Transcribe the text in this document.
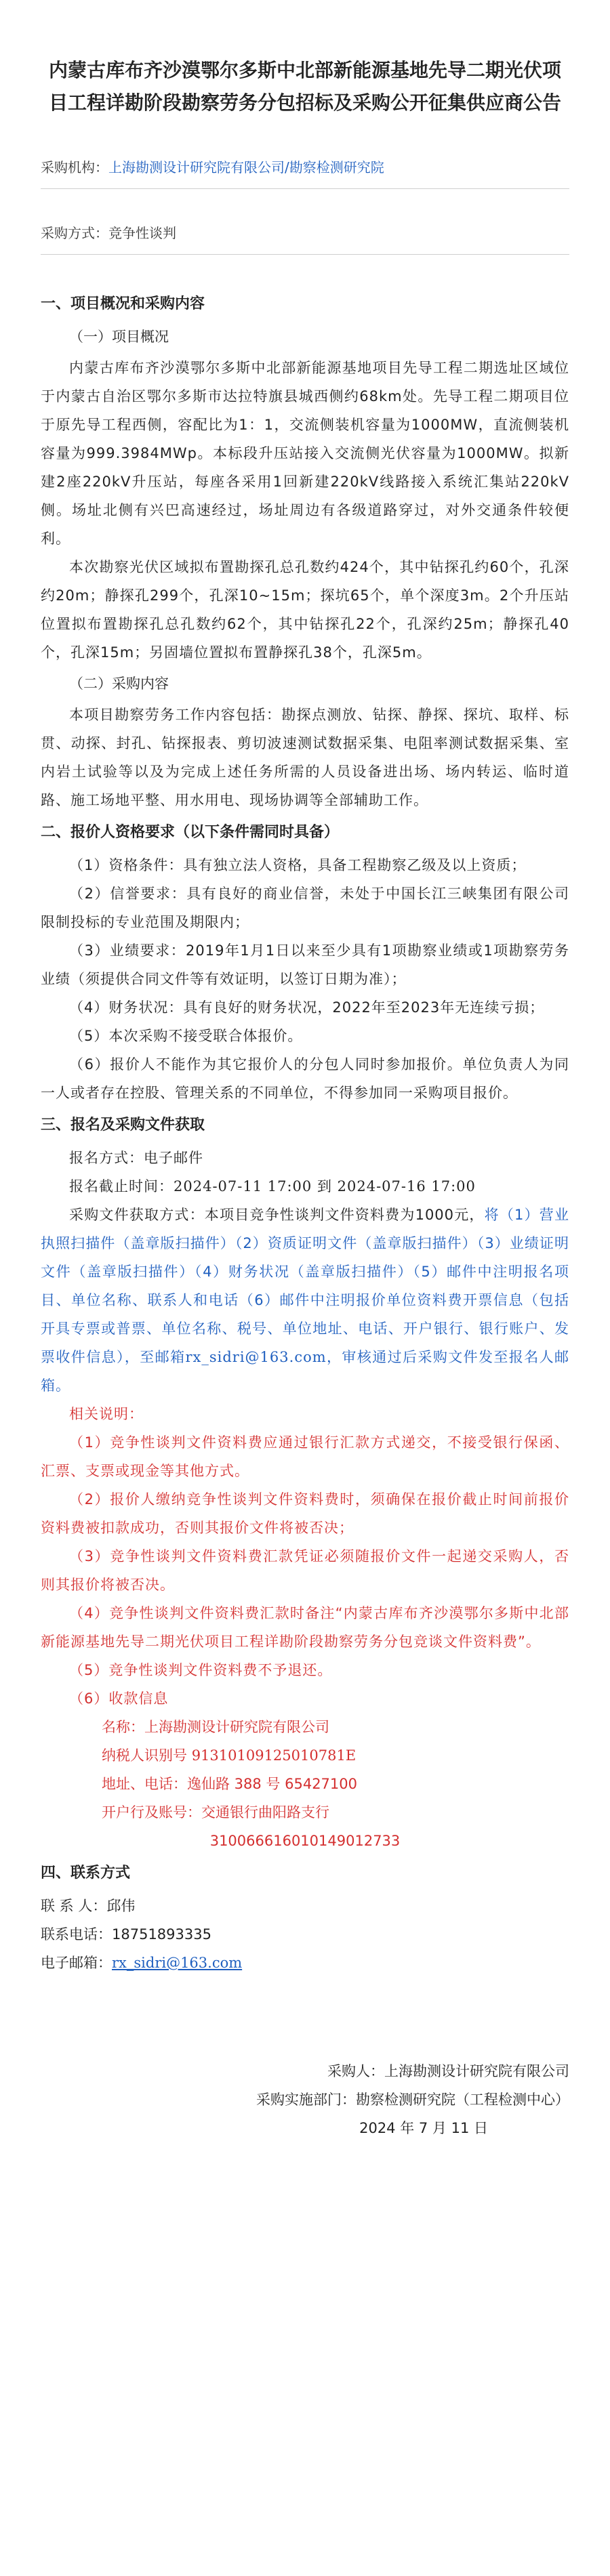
内蒙古库布齐沙漠鄂尔多斯中北部新能源基地先导二期光伏项目工程详勘阶段勘察劳务分包招标及采购公开征集供应商公告
采购机构：上海勘测设计研究院有限公司/勘察检测研究院
采购方式：竞争性谈判
一、项目概况和采购内容
（一）项目概况

内蒙古库布齐沙漠鄂尔多斯中北部新能源基地项目先导工程二期选址区域位于内蒙古自治区鄂尔多斯市达拉特旗县城西侧约68km处。先导工程二期项目位于原先导工程西侧，容配比为1：1，交流侧装机容量为1000MW，直流侧装机容量为999.3984MWp。本标段升压站接入交流侧光伏容量为1000MW。拟新建2座220kV升压站，每座各采用1回新建220kV线路接入系统汇集站220kV侧。场址北侧有兴巴高速经过，场址周边有各级道路穿过，对外交通条件较便利。

本次勘察光伏区域拟布置勘探孔总孔数约424个，其中钻探孔约60个，孔深约20m；静探孔299个，孔深10~15m；探坑65个，单个深度3m。2个升压站位置拟布置勘探孔总孔数约62个，其中钻探孔22个，孔深约25m；静探孔40个，孔深15m；另固墙位置拟布置静探孔38个，孔深5m。

（二）采购内容

本项目勘察劳务工作内容包括：勘探点测放、钻探、静探、探坑、取样、标贯、动探、封孔、钻探报表、剪切波速测试数据采集、电阻率测试数据采集、室内岩土试验等以及为完成上述任务所需的人员设备进出场、场内转运、临时道路、施工场地平整、用水用电、现场协调等全部辅助工作。

二、报价人资格要求（以下条件需同时具备）

（1）资格条件：具有独立法人资格，具备工程勘察乙级及以上资质；

（2）信誉要求：具有良好的商业信誉，未处于中国长江三峡集团有限公司限制投标的专业范围及期限内；

（3）业绩要求：2019年1月1日以来至少具有1项勘察业绩或1项勘察劳务业绩（须提供合同文件等有效证明，以签订日期为准）；

（4）财务状况：具有良好的财务状况，2022年至2023年无连续亏损；

（5）本次采购不接受联合体报价。

（6）报价人不能作为其它报价人的分包人同时参加报价。单位负责人为同一人或者存在控股、管理关系的不同单位，不得参加同一采购项目报价。

三、报名及采购文件获取

报名方式：电子邮件

报名截止时间：2024-07-11 17:00 到 2024-07-16 17:00

采购文件获取方式：本项目竞争性谈判文件资料费为1000元，将（1）营业执照扫描件（盖章版扫描件）（2）资质证明文件（盖章版扫描件）（3）业绩证明文件（盖章版扫描件）（4）财务状况（盖章版扫描件）（5）邮件中注明报名项目、单位名称、联系人和电话（6）邮件中注明报价单位资料费开票信息（包括开具专票或普票、单位名称、税号、单位地址、电话、开户银行、银行账户、发票收件信息），至邮箱rx_sidri@163.com，审核通过后采购文件发至报名人邮箱。

相关说明：

（1）竞争性谈判文件资料费应通过银行汇款方式递交，不接受银行保函、汇票、支票或现金等其他方式。

（2）报价人缴纳竞争性谈判文件资料费时，须确保在报价截止时间前报价资料费被扣款成功，否则其报价文件将被否决；

（3）竞争性谈判文件资料费汇款凭证必须随报价文件一起递交采购人，否则其报价将被否决。

（4）竞争性谈判文件资料费汇款时备注“内蒙古库布齐沙漠鄂尔多斯中北部新能源基地先导二期光伏项目工程详勘阶段勘察劳务分包竞谈文件资料费”。

（5）竞争性谈判文件资料费不予退还。

（6）收款信息

名称：上海勘测设计研究院有限公司
纳税人识别号 91310109125010781E
地址、电话：逸仙路 388 号 65427100
开户行及账号：交通银行曲阳路支行
310066616010149012733
四、联系方式
联 系 人：邱伟
联系电话：18751893335
电子邮箱：rx_sidri@163.com
采购人：上海勘测设计研究院有限公司
采购实施部门：勘察检测研究院（工程检测中心）
2024 年 7 月 11 日
